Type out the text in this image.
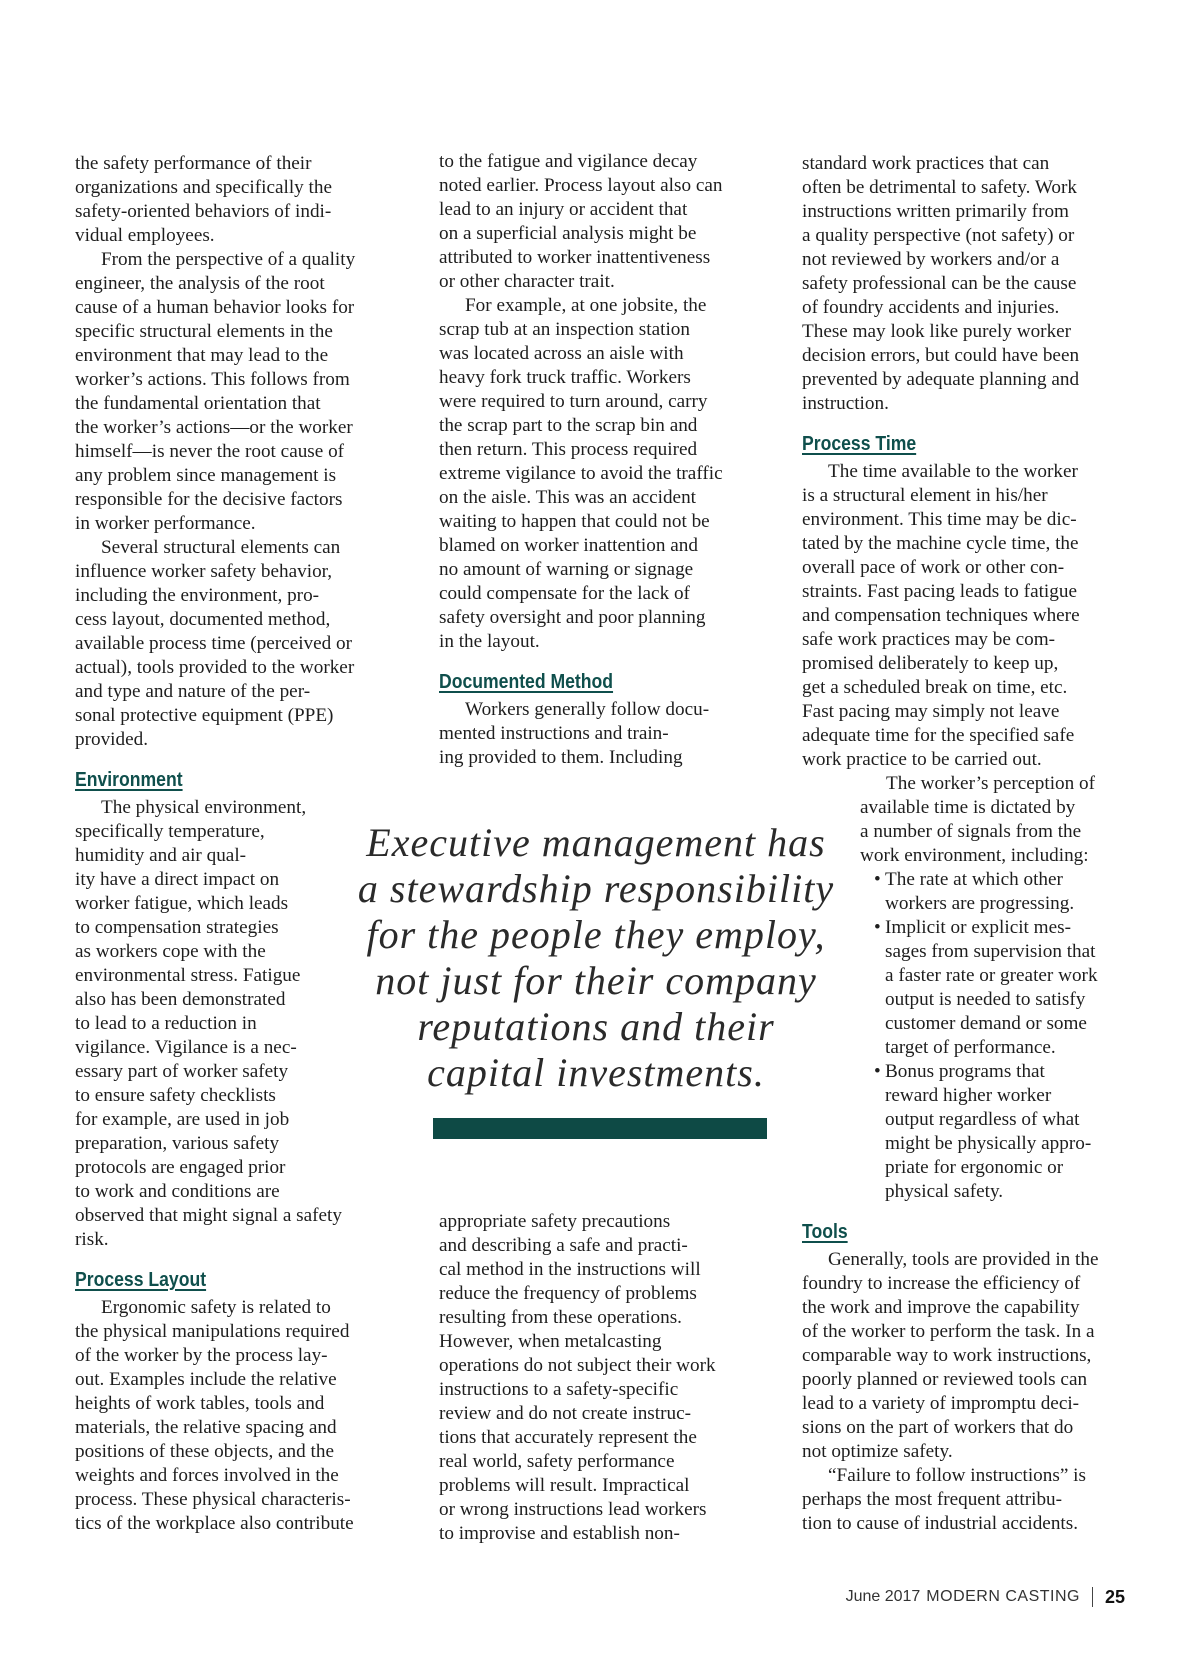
the safety performance of their
organizations and specifically the
safety-oriented behaviors of indi-
vidual employees.

From the perspective of a quality
engineer, the analysis of the root
cause of a human behavior looks for
specific structural elements in the
environment that may lead to the
worker’s actions. This follows from
the fundamental orientation that
the worker’s actions—or the worker
himself—is never the root cause of
any problem since management is
responsible for the decisive factors
in worker performance.

Several structural elements can
influence worker safety behavior,
including the environment, pro-
cess layout, documented method,
available process time (perceived or
actual), tools provided to the worker
and type and nature of the per-
sonal protective equipment (PPE)
provided.

Environment

The physical environment,
specifically temperature,
humidity and air qual-
ity have a direct impact on
worker fatigue, which leads
to compensation strategies
as workers cope with the
environmental stress. Fatigue
also has been demonstrated
to lead to a reduction in
vigilance. Vigilance is a nec-
essary part of worker safety
to ensure safety checklists
for example, are used in job
preparation, various safety
protocols are engaged prior
to work and conditions are
observed that might signal a safety
risk.

Process Layout

Ergonomic safety is related to
the physical manipulations required
of the worker by the process lay-
out. Examples include the relative
heights of work tables, tools and
materials, the relative spacing and
positions of these objects, and the
weights and forces involved in the
process. These physical characteris-
tics of the workplace also contribute

to the fatigue and vigilance decay
noted earlier. Process layout also can
lead to an injury or accident that
on a superficial analysis might be
attributed to worker inattentiveness
or other character trait.

For example, at one jobsite, the
scrap tub at an inspection station
was located across an aisle with
heavy fork truck traffic. Workers
were required to turn around, carry
the scrap part to the scrap bin and
then return. This process required
extreme vigilance to avoid the traffic
on the aisle. This was an accident
waiting to happen that could not be
blamed on worker inattention and
no amount of warning or signage
could compensate for the lack of
safety oversight and poor planning
in the layout.

Documented Method

Workers generally follow docu-
mented instructions and train-
ing provided to them. Including

Executive management has
a stewardship responsibility
for the people they employ,
not just for their company
reputations and their
capital investments.

appropriate safety precautions
and describing a safe and practi-
cal method in the instructions will
reduce the frequency of problems
resulting from these operations.
However, when metalcasting
operations do not subject their work
instructions to a safety-specific
review and do not create instruc-
tions that accurately represent the
real world, safety performance
problems will result. Impractical
or wrong instructions lead workers
to improvise and establish non-

standard work practices that can
often be detrimental to safety. Work
instructions written primarily from
a quality perspective (not safety) or
not reviewed by workers and/or a
safety professional can be the cause
of foundry accidents and injuries.
These may look like purely worker
decision errors, but could have been
prevented by adequate planning and
instruction.

Process Time

The time available to the worker
is a structural element in his/her
environment. This time may be dic-
tated by the machine cycle time, the
overall pace of work or other con-
straints. Fast pacing leads to fatigue
and compensation techniques where
safe work practices may be com-
promised deliberately to keep up,
get a scheduled break on time, etc.
Fast pacing may simply not leave
adequate time for the specified safe
work practice to be carried out.

The worker’s perception of
available time is dictated by
a number of signals from the
work environment, including:

• The rate at which other
workers are progressing.
• Implicit or explicit mes-
sages from supervision that
a faster rate or greater work
output is needed to satisfy
customer demand or some
target of performance.
• Bonus programs that
reward higher worker
output regardless of what
might be physically appro-
priate for ergonomic or
physical safety.
Tools

Generally, tools are provided in the
foundry to increase the efficiency of
the work and improve the capability
of the worker to perform the task. In a
comparable way to work instructions,
poorly planned or reviewed tools can
lead to a variety of impromptu deci-
sions on the part of workers that do
not optimize safety.

“Failure to follow instructions” is
perhaps the most frequent attribu-
tion to cause of industrial accidents.

June 2017 MODERN CASTING 25
